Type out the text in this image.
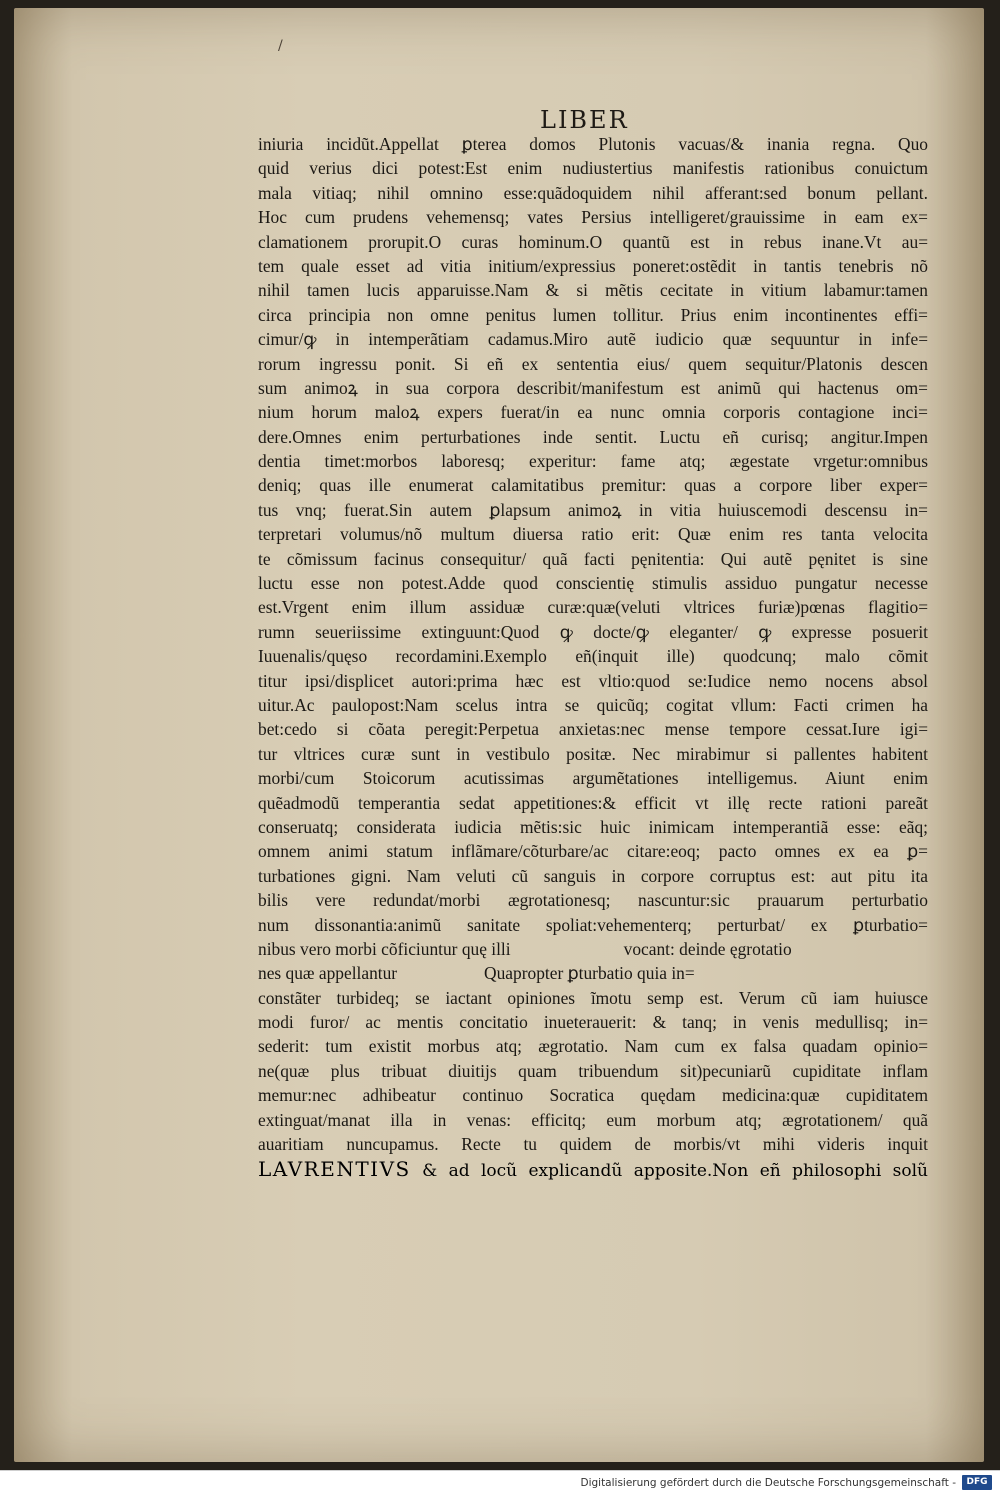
/
LIBER
iniuria incidũt.Appellat ꝑterea domos Plutonis vacuas/& inania regna. Quo
quid verius dici potest:Est enim nudiustertius manifestis rationibus conuictum
mala vitiaq; nihil omnino esse:quãdoquidem nihil afferant:sed bonum pellant.
Hoc cum prudens vehemensq; vates Persius intelligeret/grauissime in eam ex=
clamationem prorupit.O curas hominum.O quantũ est in rebus inane.Vt au=
tem quale esset ad vitia initium/expressius poneret:ostẽdit in tantis tenebris nõ
nihil tamen lucis apparuisse.Nam & si mẽtis cecitate in vitium labamur:tamen
circa principia non omne penitus lumen tollitur. Prius enim incontinentes effi=
cimur/ꝙ in intemperãtiam cadamus.Miro autẽ iudicio quæ sequuntur in infe=
rorum ingressu ponit. Si eñ ex sententia eius/ quem sequitur/Platonis descen
sum animoꝝ in sua corpora describit/manifestum est animũ qui hactenus om=
nium horum maloꝝ expers fuerat/in ea nunc omnia corporis contagione inci=
dere.Omnes enim perturbationes inde sentit. Luctu eñ curisq; angitur.Impen
dentia timet:morbos laboresq; experitur: fame atq; ægestate vrgetur:omnibus
deniq; quas ille enumerat calamitatibus premitur: quas a corpore liber exper=
tus vnq; fuerat.Sin autem ꝑlapsum animoꝝ in vitia huiuscemodi descensu in=
terpretari volumus/nõ multum diuersa ratio erit: Quæ enim res tanta velocita
te cõmissum facinus consequitur/ quã facti pęnitentia: Qui autẽ pęnitet is sine
luctu esse non potest.Adde quod conscientię stimulis assiduo pungatur necesse
est.Vrgent enim illum assiduæ curæ:quæ(veluti vltrices furiæ)pœnas flagitio=
rumn seueriissime extinguunt:Quod ꝙ docte/ꝙ eleganter/ ꝙ expresse posuerit
Iuuenalis/quęso recordamini.Exemplo eñ(inquit ille) quodcunq; malo cõmit
titur ipsi/displicet autori:prima hæc est vltio:quod se:Iudice nemo nocens absol
uitur.Ac paulopost:Nam scelus intra se quicũq; cogitat vllum: Facti crimen ha
bet:cedo si cõata peregit:Perpetua anxietas:nec mense tempore cessat.Iure igi=
tur vltrices curæ sunt in vestibulo positæ. Nec mirabimur si pallentes habitent
morbi/cum Stoicorum acutissimas argumẽtationes intelligemus. Aiunt enim
quẽadmodũ temperantia sedat appetitiones:& efficit vt illę recte rationi pareãt
conseruatq; considerata iudicia mẽtis:sic huic inimicam intemperantiã esse: eãq;
omnem animi statum inflãmare/cõturbare/ac citare:eoq; pacto omnes ex ea ꝑ=
turbationes gigni. Nam veluti cũ sanguis in corpore corruptus est: aut pitu ita
bilis vere redundat/morbi ægrotationesq; nascuntur:sic prauarum perturbatio
num dissonantia:animũ sanitate spoliat:vehementerq; perturbat/ ex ꝑturbatio=
nibus vero morbi cõficiuntur quę illi                          vocant: deinde ęgrotatio
nes quæ appellantur                    Quapropter ꝑturbatio quia in=
constãter turbideq; se iactant opiniones ĩmotu semp est. Verum cũ iam huiusce
modi furor/ ac mentis concitatio inueterauerit: & tanq; in venis medullisq; in=
sederit: tum existit morbus atq; ægrotatio. Nam cum ex falsa quadam opinio=
ne(quæ plus tribuat diuitijs quam tribuendum sit)pecuniarũ cupiditate inflam
memur:nec adhibeatur continuo Socratica quędam medicina:quæ cupiditatem
extinguat/manat illa in venas: efficitq; eum morbum atq; ægrotationem/ quã
auaritiam nuncupamus. Recte tu quidem de morbis/vt mihi videris inquit
LAVRENTIVS & ad locũ explicandũ apposite.Non eñ philosophi solũ
Digitalisierung gefördert durch die Deutsche Forschungsgemeinschaft -	DFG
